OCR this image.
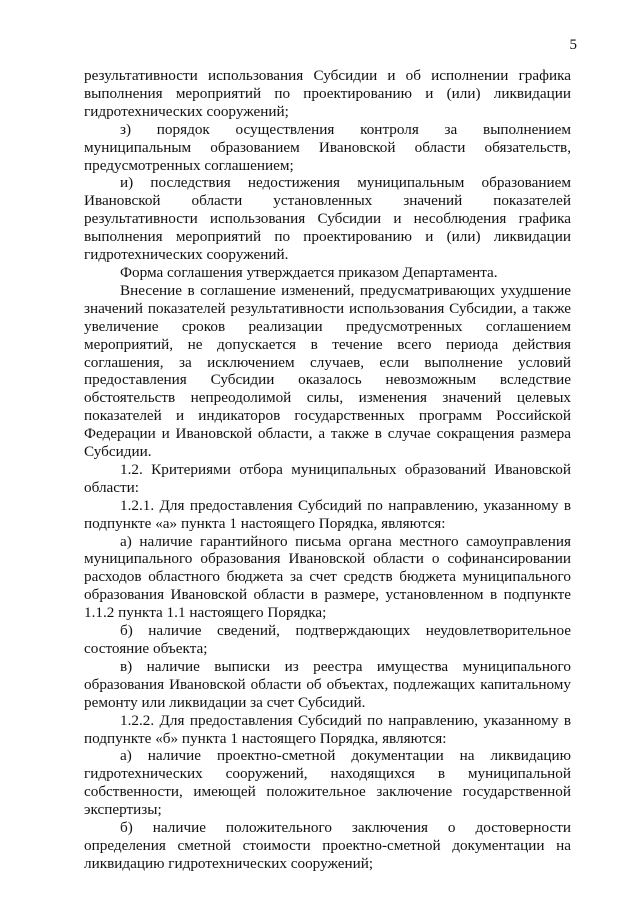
5

результативности использования Субсидии и об исполнении графика выполнения мероприятий по проектированию и (или) ликвидации гидротехнических сооружений;

з) порядок осуществления контроля за выполнением муниципальным образованием Ивановской области обязательств, предусмотренных соглашением;

и) последствия недостижения муниципальным образованием Ивановской области установленных значений показателей результативности использования Субсидии и несоблюдения графика выполнения мероприятий по проектированию и (или) ликвидации гидротехнических сооружений.

Форма соглашения утверждается приказом Департамента.

Внесение в соглашение изменений, предусматривающих ухудшение значений показателей результативности использования Субсидии, а также увеличение сроков реализации предусмотренных соглашением мероприятий, не допускается в течение всего периода действия соглашения, за исключением случаев, если выполнение условий предоставления Субсидии оказалось невозможным вследствие обстоятельств непреодолимой силы, изменения значений целевых показателей и индикаторов государственных программ Российской Федерации и Ивановской области, а также в случае сокращения размера Субсидии.

1.2. Критериями отбора муниципальных образований Ивановской области:

1.2.1. Для предоставления Субсидий по направлению, указанному в подпункте «а» пункта 1 настоящего Порядка, являются:

а) наличие гарантийного письма органа местного самоуправления муниципального образования Ивановской области о софинансировании расходов областного бюджета за счет средств бюджета муниципального образования Ивановской области в размере, установленном в подпункте 1.1.2 пункта 1.1 настоящего Порядка;

б) наличие сведений, подтверждающих неудовлетворительное состояние объекта;

в) наличие выписки из реестра имущества муниципального образования Ивановской области об объектах, подлежащих капитальному ремонту или ликвидации за счет Субсидий.

1.2.2. Для предоставления Субсидий по направлению, указанному в подпункте «б» пункта 1 настоящего Порядка, являются:

а) наличие проектно-сметной документации на ликвидацию гидротехнических сооружений, находящихся в муниципальной собственности, имеющей положительное заключение государственной экспертизы;

б) наличие положительного заключения о достоверности определения сметной стоимости проектно-сметной документации на ликвидацию гидротехнических сооружений;
